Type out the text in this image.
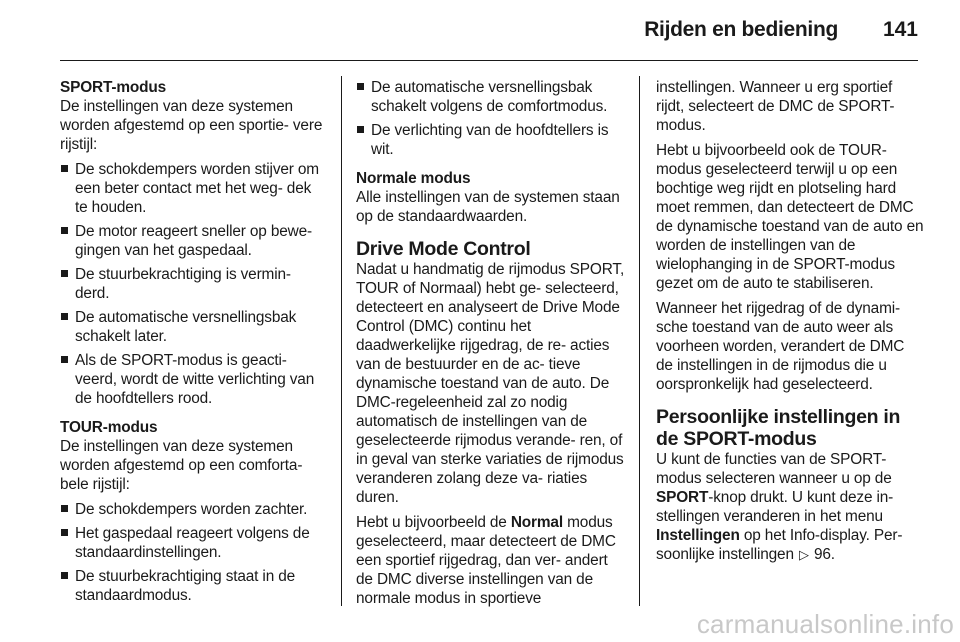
Rijden en bediening 141

SPORT-modus

De instellingen van deze systemen worden afgestemd op een sportie- vere rijstijl:

De schokdempers worden stijver om een beter contact met het weg- dek te houden.
De motor reageert sneller op bewe- gingen van het gaspedaal.
De stuurbekrachtiging is vermin- derd.
De automatische versnellingsbak schakelt later.
Als de SPORT-modus is geacti- veerd, wordt de witte verlichting van de hoofdtellers rood.

TOUR-modus

De instellingen van deze systemen worden afgestemd op een comforta- bele rijstijl:

De schokdempers worden zachter.
Het gaspedaal reageert volgens de standaardinstellingen.
De stuurbekrachtiging staat in de standaardmodus.
De automatische versnellingsbak schakelt volgens de comfortmodus.
De verlichting van de hoofdtellers is wit.

Normale modus

Alle instellingen van de systemen staan op de standaardwaarden.

Drive Mode Control

Nadat u handmatig de rijmodus SPORT, TOUR of Normaal) hebt ge- selecteerd, detecteert en analyseert de Drive Mode Control (DMC) continu het daadwerkelijke rijgedrag, de re- acties van de bestuurder en de ac- tieve dynamische toestand van de auto. De DMC-regeleenheid zal zo nodig automatisch de instellingen van de geselecteerde rijmodus verande- ren, of in geval van sterke variaties de rijmodus veranderen zolang deze va- riaties duren.

Hebt u bijvoorbeeld de Normal modus geselecteerd, maar detecteert de DMC een sportief rijgedrag, dan ver- andert de DMC diverse instellingen van de normale modus in sportieve

instellingen. Wanneer u erg sportief rijdt, selecteert de DMC de SPORT- modus.

Hebt u bijvoorbeeld ook de TOUR- modus geselecteerd terwijl u op een bochtige weg rijdt en plotseling hard moet remmen, dan detecteert de DMC de dynamische toestand van de auto en worden de instellingen van de wielophanging in de SPORT-modus gezet om de auto te stabiliseren.

Wanneer het rijgedrag of de dynami- sche toestand van de auto weer als voorheen worden, verandert de DMC de instellingen in de rijmodus die u oorspronkelijk had geselecteerd.

Persoonlijke instellingen in de SPORT-modus

U kunt de functies van de SPORT- modus selecteren wanneer u op de SPORT-knop drukt. U kunt deze in- stellingen veranderen in het menu Instellingen op het Info-display. Per- soonlijke instellingen ▷ 96.

carmanualsonline.info
